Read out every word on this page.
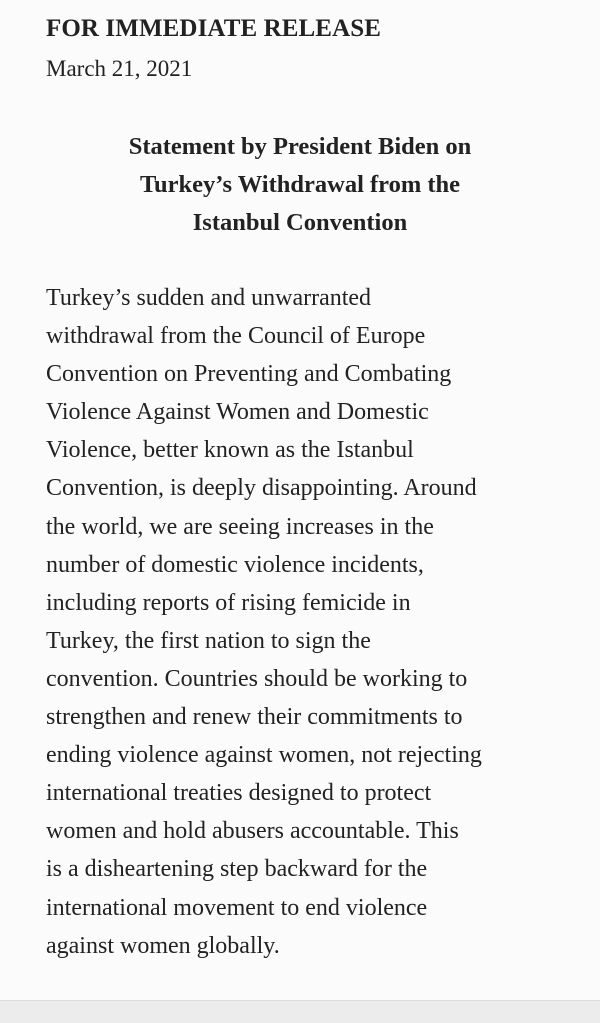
FOR IMMEDIATE RELEASE
March 21, 2021
Statement by President Biden on
Turkey’s Withdrawal from the
Istanbul Convention

Turkey’s sudden and unwarranted
withdrawal from the Council of Europe
Convention on Preventing and Combating
Violence Against Women and Domestic
Violence, better known as the Istanbul
Convention, is deeply disappointing. Around
the world, we are seeing increases in the
number of domestic violence incidents,
including reports of rising femicide in
Turkey, the first nation to sign the
convention. Countries should be working to
strengthen and renew their commitments to
ending violence against women, not rejecting
international treaties designed to protect
women and hold abusers accountable. This
is a disheartening step backward for the
international movement to end violence
against women globally.
